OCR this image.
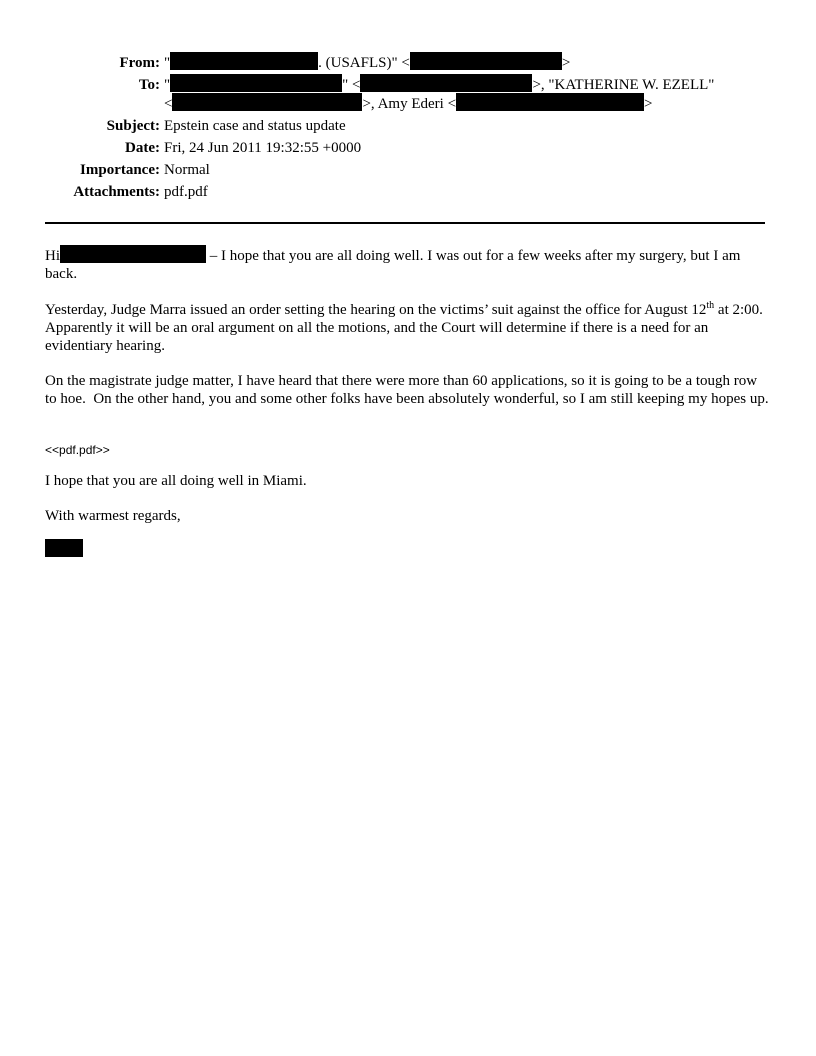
From: "	. (USAFLS)" <	>
To: "	" <	>, "KATHERINE W. EZELL"
<	>, Amy Ederi <	>
Subject: Epstein case and status update
Date: Fri, 24 Jun 2011 19:32:55 +0000
Importance: Normal
Attachments: pdf.pdf

Hi	– I hope that you are all doing well. I was out for a few weeks after my surgery, but I am back.

Yesterday, Judge Marra issued an order setting the hearing on the victims’ suit against the office for August 12th at 2:00.  Apparently it will be an oral argument on all the motions, and the Court will determine if there is a need for an evidentiary hearing.

On the magistrate judge matter, I have heard that there were more than 60 applications, so it is going to be a tough row to hoe.  On the other hand, you and some other folks have been absolutely wonderful, so I am still keeping my hopes up.

<<pdf.pdf>>

I hope that you are all doing well in Miami.

With warmest regards,
